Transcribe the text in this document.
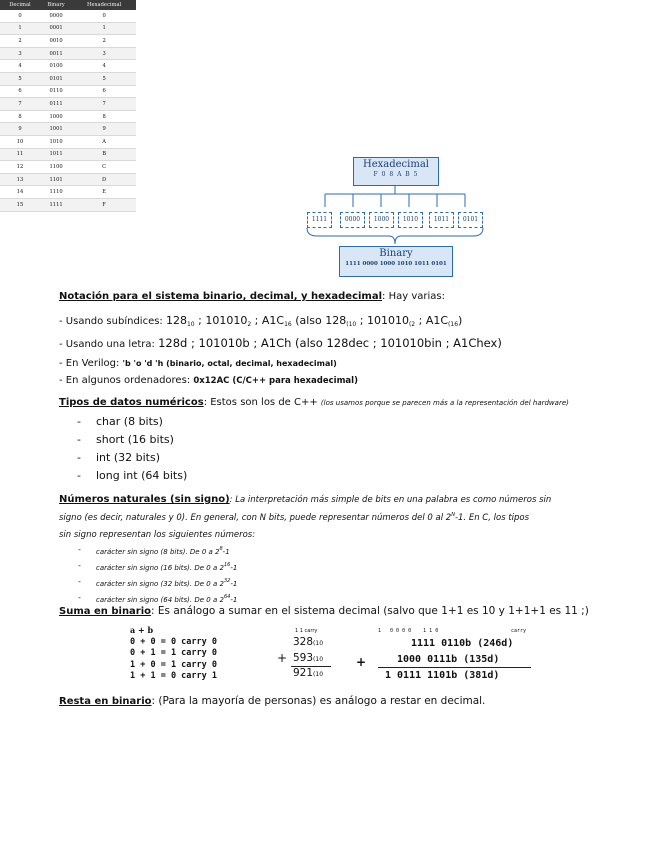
Decimal	Binary	Hexadecimal
0	0000	0
1	0001	1
2	0010	2
3	0011	3
4	0100	4
5	0101	5
6	0110	6
7	0111	7
8	1000	8
9	1001	9
10	1010	A
11	1011	B
12	1100	C
13	1101	D
14	1110	E
15	1111	F
Hexadecimal
F 0 8 A B 5
1111	0000	1000	1010	1011	0101
Binary
1111 0000 1000 1010 1011 0101
Notación para el sistema binario, decimal, y hexadecimal: Hay varias:
- Usando subíndices: $128_{10}$ ; $101010_2$ ; $A1C_{16}$ (also $128_{(10}$ ; $101010_{(2}$ ; $A1C_{(16}$)
- Usando una letra: 128d ; 101010b ; A1Ch (also 128dec ; 101010bin ; A1Chex)
- En Verilog: 'b 'o 'd 'h (binario, octal, decimal, hexadecimal)
- En algunos ordenadores: 0x12AC (C/C++ para hexadecimal)
Tipos de datos numéricos: Estos son los de C++ (los usamos porque se parecen más a la representación del hardware)
- char (8 bits)
- short (16 bits)
- int (32 bits)
- long int (64 bits)
Números naturales (sin signo): La interpretación más simple de bits en una palabra es como números sin
signo (es decir, naturales y 0). En general, con N bits, puede representar números del 0 al $2^N-1$. En C, los tipos
sin signo representan los siguientes números:
- carácter sin signo (8 bits). De 0 a $2^8-1$
- carácter sin signo (16 bits). De 0 a $2^{16}-1$
- carácter sin signo (32 bits). De 0 a $2^{32}-1$
- carácter sin signo (64 bits). De 0 a $2^{64}-1$
Suma en binario: Es análogo a sumar en el sistema decimal (salvo que 1+1 es 10 y 1+1+1 es 11 ;)
a + b
0 + 0 = 0 carry 0
0 + 1 = 1 carry 0
1 + 0 = 1 carry 0
1 + 1 = 0 carry 1
1 1 carry
328(10
+ 593(10
921(10
+
1   0 0 0 0    1 1 0	carry
1111 0110b (246d)
1000 0111b (135d)
1 0111 1101b (381d)
Resta en binario: (Para la mayoría de personas) es análogo a restar en decimal.
